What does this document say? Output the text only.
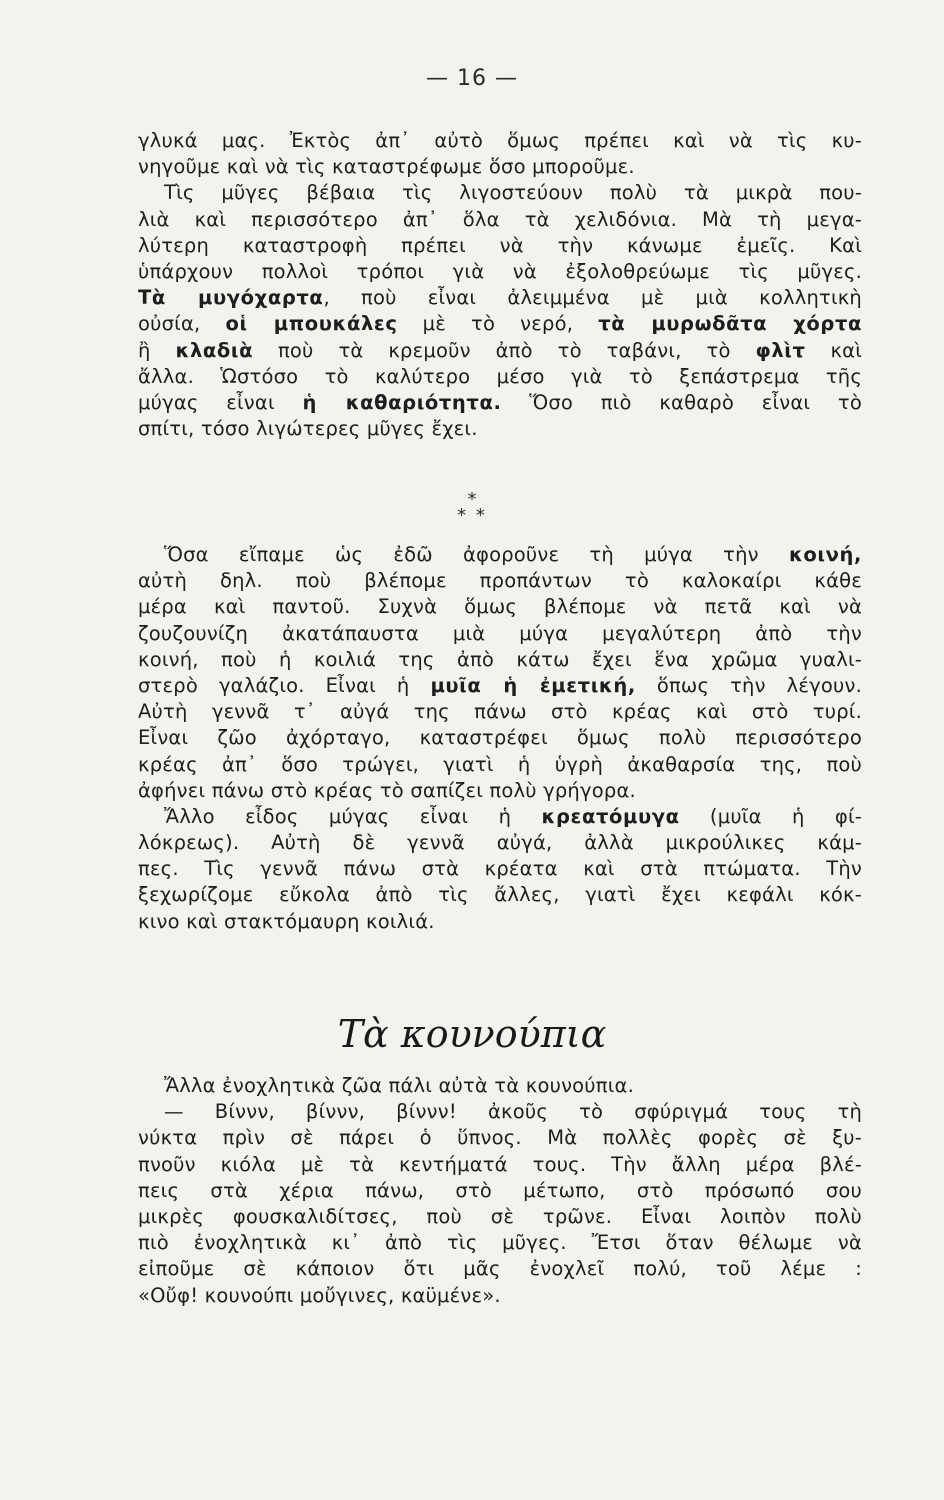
— 16 —
γλυκά μας. Ἐκτὸς ἀπ᾿ αὐτὸ ὅμως πρέπει καὶ νὰ τὶς κυ-
νηγοῦμε καὶ νὰ τὶς καταστρέφωμε ὅσο μποροῦμε.
Τὶς μῦγες βέβαια τὶς λιγοστεύουν πολὺ τὰ μικρὰ που-
λιὰ καὶ περισσότερο ἀπ᾿ ὅλα τὰ χελιδόνια. Μὰ τὴ μεγα-
λύτερη καταστροφὴ πρέπει νὰ τὴν κάνωμε ἐμεῖς. Καὶ
ὑπάρχουν πολλοὶ τρόποι γιὰ νὰ ἐξολοθρεύωμε τὶς μῦγες.
Τὰ μυγόχαρτα, ποὺ εἶναι ἀλειμμένα μὲ μιὰ κολλητικὴ
οὐσία, οἱ μπουκάλες μὲ τὸ νερό, τὰ μυρωδᾶτα χόρτα
ἢ κλαδιὰ ποὺ τὰ κρεμοῦν ἀπὸ τὸ ταβάνι, τὸ φλὶτ καὶ
ἄλλα. Ὡστόσο τὸ καλύτερο μέσο γιὰ τὸ ξεπάστρεμα τῆς
μύγας εἶναι ἡ καθαριότητα. Ὅσο πιὸ καθαρὸ εἶναι τὸ
σπίτι, τόσο λιγώτερες μῦγες ἔχει.
*
* *
Ὅσα εἴπαμε ὡς ἐδῶ ἀφοροῦνε τὴ μύγα τὴν κοινή,
αὐτὴ δηλ. ποὺ βλέπομε προπάντων τὸ καλοκαίρι κάθε
μέρα καὶ παντοῦ. Συχνὰ ὅμως βλέπομε νὰ πετᾶ καὶ νὰ
ζουζουνίζη ἀκατάπαυστα μιὰ μύγα μεγαλύτερη ἀπὸ τὴν
κοινή, ποὺ ἡ κοιλιά της ἀπὸ κάτω ἔχει ἕνα χρῶμα γυαλι-
στερὸ γαλάζιο. Εἶναι ἡ μυῖα ἡ ἐμετική, ὅπως τὴν λέγουν.
Αὐτὴ γεννᾶ τ᾿ αὐγά της πάνω στὸ κρέας καὶ στὸ τυρί.
Εἶναι ζῶο ἀχόρταγο, καταστρέφει ὅμως πολὺ περισσότερο
κρέας ἀπ᾿ ὅσο τρώγει, γιατὶ ἡ ὑγρὴ ἀκαθαρσία της, ποὺ
ἀφήνει πάνω στὸ κρέας τὸ σαπίζει πολὺ γρήγορα.
Ἄλλο εἶδος μύγας εἶναι ἡ κρεατόμυγα (μυῖα ἡ φί-
λόκρεως). Αὐτὴ δὲ γεννᾶ αὐγά, ἀλλὰ μικρούλικες κάμ-
πες. Τὶς γεννᾶ πάνω στὰ κρέατα καὶ στὰ πτώματα. Τὴν
ξεχωρίζομε εὔκολα ἀπὸ τὶς ἄλλες, γιατὶ ἔχει κεφάλι κόκ-
κινο καὶ στακτόμαυρη κοιλιά.
Τὰ κουνούπια
Ἄλλα ἐνοχλητικὰ ζῶα πάλι αὐτὰ τὰ κουνούπια.
— Βίννν, βίννν, βίννν! ἀκοῦς τὸ σφύριγμά τους τὴ
νύκτα πρὶν σὲ πάρει ὁ ὕπνος. Μὰ πολλὲς φορὲς σὲ ξυ-
πνοῦν κιόλα μὲ τὰ κεντήματά τους. Τὴν ἄλλη μέρα βλέ-
πεις στὰ χέρια πάνω, στὸ μέτωπο, στὸ πρόσωπό σου
μικρὲς φουσκαλιδίτσες, ποὺ σὲ τρῶνε. Εἶναι λοιπὸν πολὺ
πιὸ ἐνοχλητικὰ κι᾿ ἀπὸ τὶς μῦγες. Ἔτσι ὅταν θέλωμε νὰ
εἰποῦμε σὲ κάποιον ὅτι μᾶς ἐνοχλεῖ πολύ, τοῦ λέμε :
«Οὔφ! κουνούπι μοὔγινες, καϋμένε».
